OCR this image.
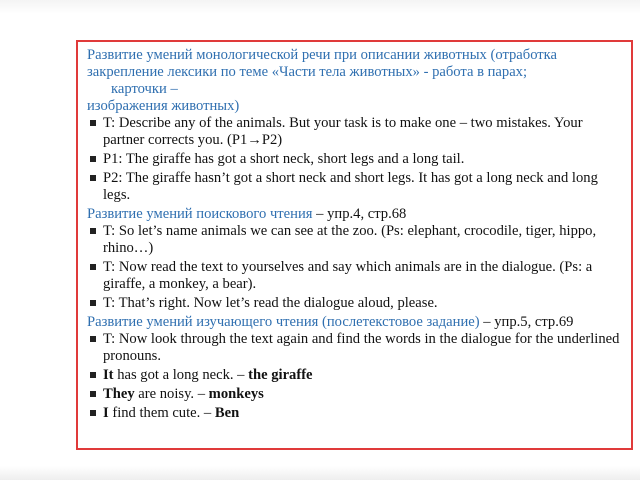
Развитие умений монологической речи при описании животных (отработка
закрепление лексики по теме «Части тела животных» - работа в парах;
карточки –
изображения животных)

T: Describe any of the animals. But your task is to make one – two mistakes. Your partner corrects you. (P1→P2)
P1: The giraffe has got a short neck, short legs and a long tail.
P2: The giraffe hasn’t got a short neck and short legs. It has got a long neck and long legs.

Развитие умений поискового чтения – упр.4, стр.68

T: So let’s name animals we can see at the zoo. (Ps: elephant, crocodile, tiger, hippo, rhino…)
T: Now read the text to yourselves and say which animals are in the dialogue. (Ps: a giraffe, a monkey, a bear).
T: That’s right. Now let’s read the dialogue aloud, please.

Развитие умений изучающего чтения (послетекстовое задание) – упр.5, стр.69

T: Now look through the text again and find the words in the dialogue for the underlined pronouns.
It has got a long neck. – the giraffe
They are noisy. – monkeys
I find them cute. – Ben
